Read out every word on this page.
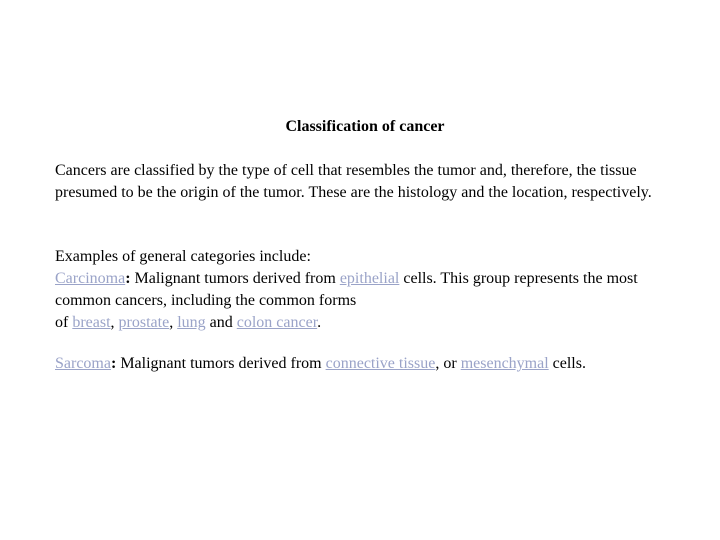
Classification of cancer
Cancers are classified by the type of cell that resembles the tumor and, therefore, the tissue presumed to be the origin of the tumor. These are the histology and the location, respectively.
Examples of general categories include:
Carcinoma: Malignant tumors derived from epithelial cells. This group represents the most common cancers, including the common forms
of breast, prostate, lung and colon cancer.
Sarcoma: Malignant tumors derived from connective tissue, or mesenchymal cells.
